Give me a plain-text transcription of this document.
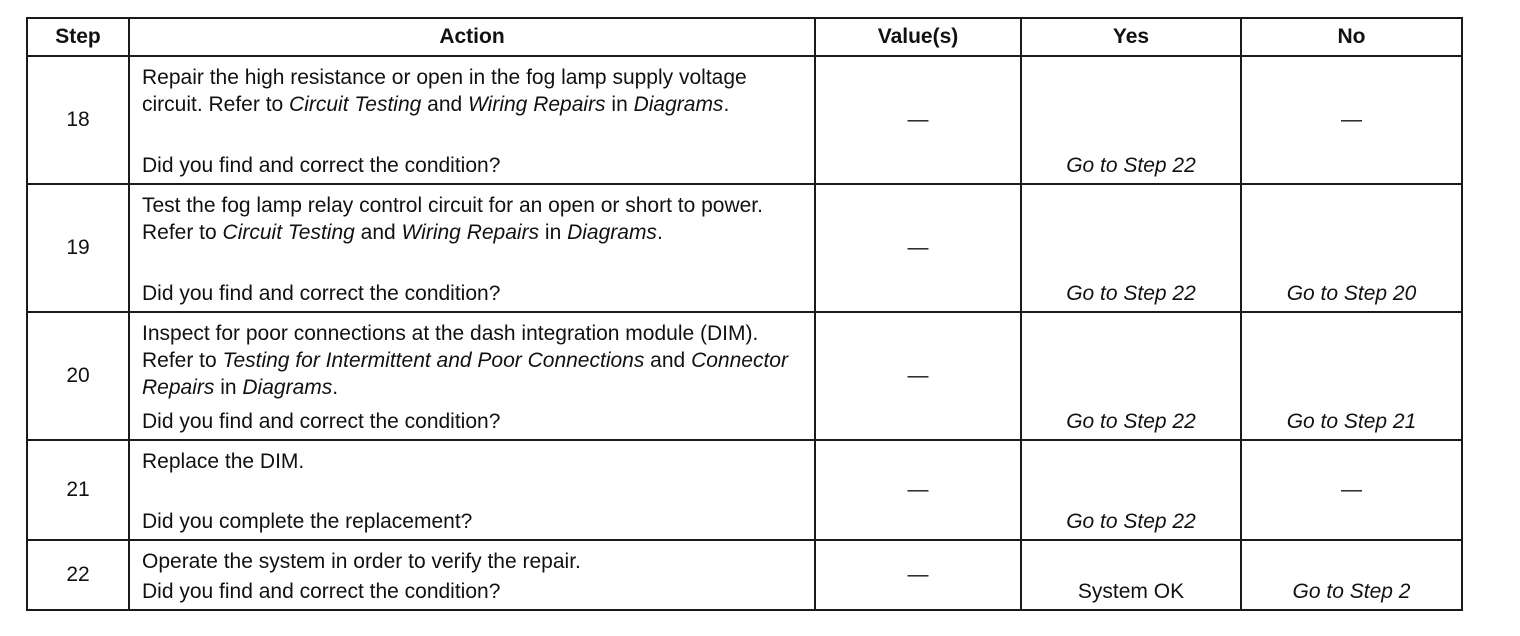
Step	Action	Value(s)	Yes	No
18	Repair the high resistance or open in the fog lamp supply voltage circuit. Refer to Circuit Testing and Wiring Repairs in Diagrams.
Did you find and correct the condition?	—	Go to Step 22	—

19	Test the fog lamp relay control circuit for an open or short to power. Refer to Circuit Testing and Wiring Repairs in Diagrams.
Did you find and correct the condition?	—	Go to Step 22	Go to Step 20

20	Inspect for poor connections at the dash integration module (DIM). Refer to Testing for Intermittent and Poor Connections and Connector Repairs in Diagrams.
Did you find and correct the condition?	—	Go to Step 22	Go to Step 21

21	Replace the DIM.
Did you complete the replacement?	—	Go to Step 22	—

22	Operate the system in order to verify the repair.
Did you find and correct the condition?	—	System OK	Go to Step 2
